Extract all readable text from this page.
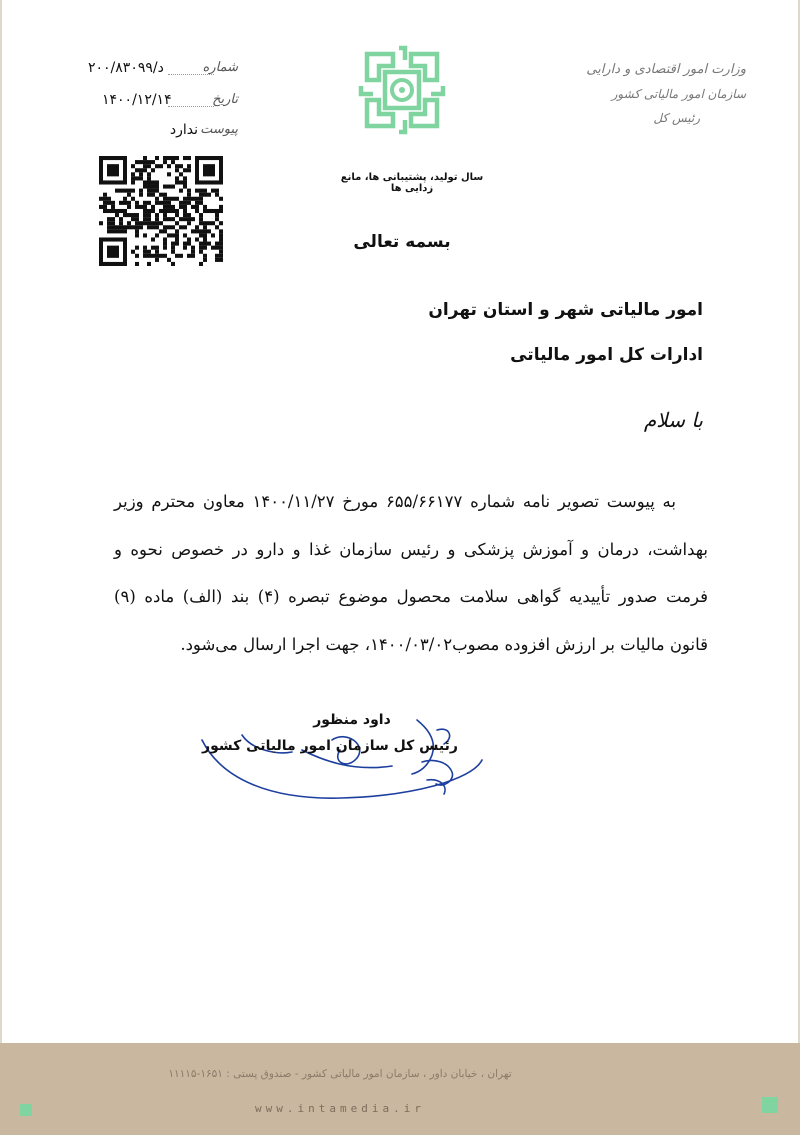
شماره
د/۲۰۰/۸۳۰۹۹
تاریخ
۱۴۰۰/۱۲/۱۴
پیوست
ندارد
وزارت امور اقتصادی و دارایی
سازمان امور مالیاتی کشور
رئیس کل
سال تولید، پشتیبانی ها، مانع زدایی ها
بسمه تعالی
امور مالیاتی شهر و استان تهران
ادارات کل امور مالیاتی
با سلام
به پیوست تصویر نامه شماره ۶۵۵/۶۶۱۷۷ مورخ ۱۴۰۰/۱۱/۲۷ معاون محترم وزیر بهداشت، درمان و آموزش پزشکی و رئیس سازمان غذا و دارو در خصوص نحوه و فرمت صدور تأییدیه گواهی سلامت محصول موضوع تبصره (۴) بند (الف) ماده (۹) قانون مالیات بر ارزش افزوده مصوب۱۴۰۰/۰۳/۰۲، جهت اجرا ارسال می‌شود.
داود منظور
رئیس کل سازمان امور مالیاتی کشور
تهران ، خیابان داور ، سازمان امور مالیاتی کشور - صندوق پستی : ۱۶۵۱-۱۱۱۱۵
www.intamedia.ir
